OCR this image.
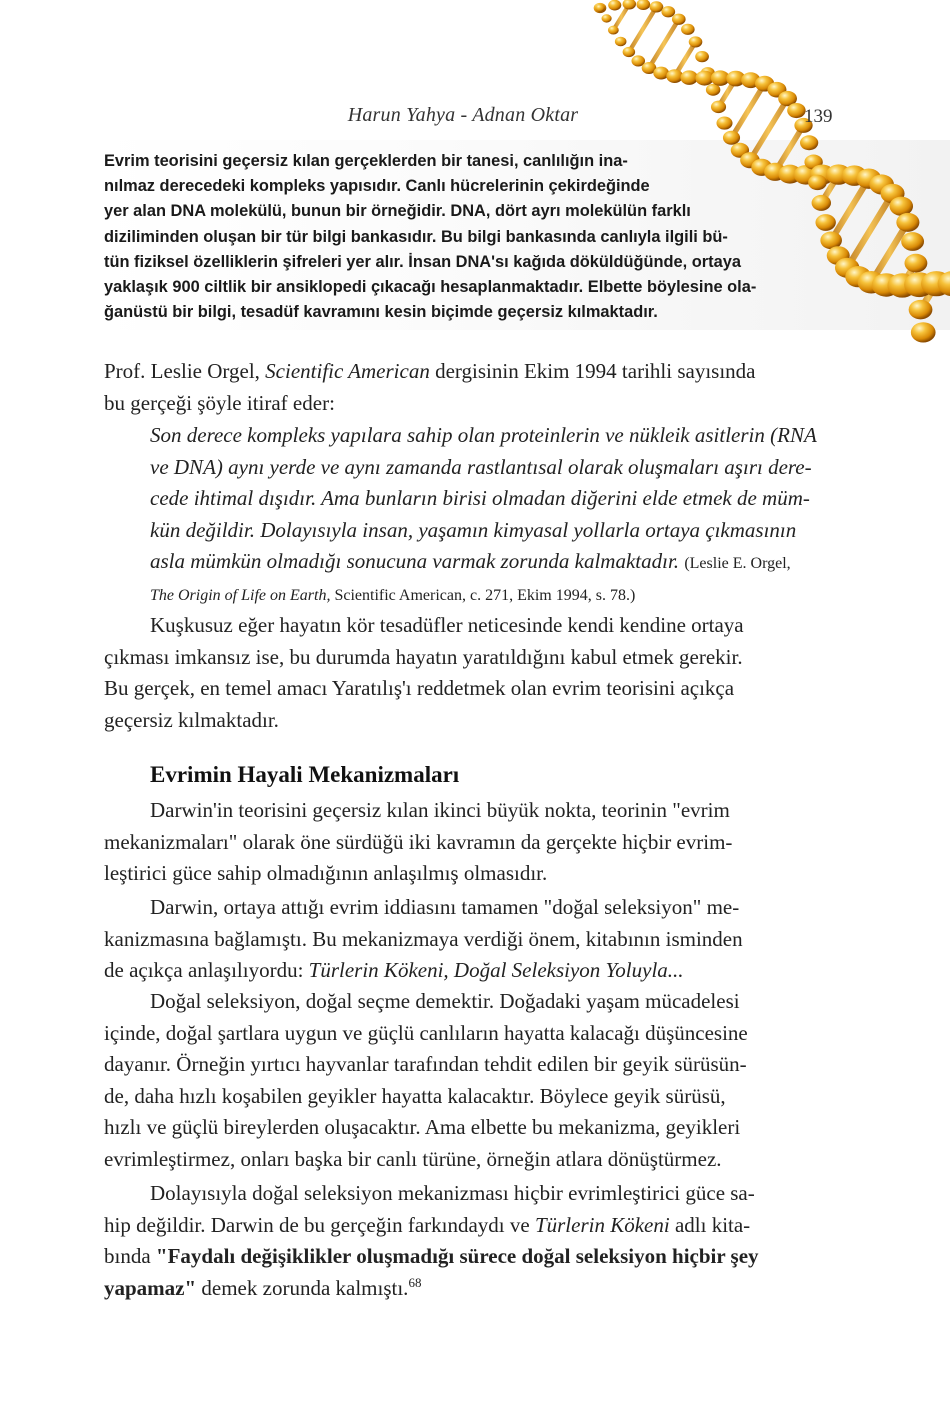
Harun Yahya - Adnan Oktar	139

Evrim teorisini geçersiz kılan gerçeklerden bir tanesi, canlılığın ina-
nılmaz derecedeki kompleks yapısıdır. Canlı hücrelerinin çekirdeğinde
yer alan DNA molekülü, bunun bir örneğidir. DNA, dört ayrı molekülün farklı
diziliminden oluşan bir tür bilgi bankasıdır. Bu bilgi bankasında canlıyla ilgili bü-
tün fiziksel özelliklerin şifreleri yer alır. İnsan DNA'sı kağıda döküldüğünde, ortaya
yaklaşık 900 ciltlik bir ansiklopedi çıkacağı hesaplanmaktadır. Elbette böylesine ola-
ğanüstü bir bilgi, tesadüf kavramını kesin biçimde geçersiz kılmaktadır.

Prof. Leslie Orgel, Scientific American dergisinin Ekim 1994 tarihli sayısında
bu gerçeği şöyle itiraf eder:

Son derece kompleks yapılara sahip olan proteinlerin ve nükleik asitlerin (RNA
ve DNA) aynı yerde ve aynı zamanda rastlantısal olarak oluşmaları aşırı dere-
cede ihtimal dışıdır. Ama bunların birisi olmadan diğerini elde etmek de müm-
kün değildir. Dolayısıyla insan, yaşamın kimyasal yollarla ortaya çıkmasının
asla mümkün olmadığı sonucuna varmak zorunda kalmaktadır. (Leslie E. Orgel,
The Origin of Life on Earth, Scientific American, c. 271, Ekim 1994, s. 78.)

Kuşkusuz eğer hayatın kör tesadüfler neticesinde kendi kendine ortaya
çıkması imkansız ise, bu durumda hayatın yaratıldığını kabul etmek gerekir.
Bu gerçek, en temel amacı Yaratılış'ı reddetmek olan evrim teorisini açıkça
geçersiz kılmaktadır.

Evrimin Hayali Mekanizmaları

Darwin'in teorisini geçersiz kılan ikinci büyük nokta, teorinin "evrim
mekanizmaları" olarak öne sürdüğü iki kavramın da gerçekte hiçbir evrim-
leştirici güce sahip olmadığının anlaşılmış olmasıdır.

Darwin, ortaya attığı evrim iddiasını tamamen "doğal seleksiyon" me-
kanizmasına bağlamıştı. Bu mekanizmaya verdiği önem, kitabının isminden
de açıkça anlaşılıyordu: Türlerin Kökeni, Doğal Seleksiyon Yoluyla...

Doğal seleksiyon, doğal seçme demektir. Doğadaki yaşam mücadelesi
içinde, doğal şartlara uygun ve güçlü canlıların hayatta kalacağı düşüncesine
dayanır. Örneğin yırtıcı hayvanlar tarafından tehdit edilen bir geyik sürüsün-
de, daha hızlı koşabilen geyikler hayatta kalacaktır. Böylece geyik sürüsü,
hızlı ve güçlü bireylerden oluşacaktır. Ama elbette bu mekanizma, geyikleri
evrimleştirmez, onları başka bir canlı türüne, örneğin atlara dönüştürmez.

Dolayısıyla doğal seleksiyon mekanizması hiçbir evrimleştirici güce sa-
hip değildir. Darwin de bu gerçeğin farkındaydı ve Türlerin Kökeni adlı kita-
bında "Faydalı değişiklikler oluşmadığı sürece doğal seleksiyon hiçbir şey
yapamaz" demek zorunda kalmıştı.$^{68}$
